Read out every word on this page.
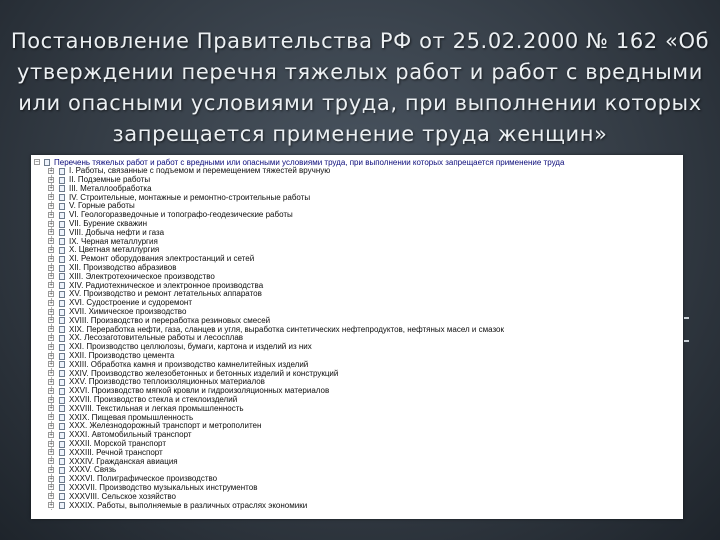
Постановление Правительства РФ от 25.02.2000 № 162 «Об утверждении перечня тяжелых работ и работ с вредными или опасными условиями труда, при выполнении которых запрещается применение труда женщин»
− Перечень тяжелых работ и работ с вредными или опасными условиями труда, при выполнении которых запрещается применение труда
+ I. Работы, связанные с подъемом и перемещением тяжестей вручную
+ II. Подземные работы
+ III. Металлообработка
+ IV. Строительные, монтажные и ремонтно-строительные работы
+ V. Горные работы
+ VI. Геологоразведочные и топографо-геодезические работы
+ VII. Бурение скважин
+ VIII. Добыча нефти и газа
+ IX. Черная металлургия
+ X. Цветная металлургия
+ XI. Ремонт оборудования электростанций и сетей
+ XII. Производство абразивов
+ XIII. Электротехническое производство
+ XIV. Радиотехническое и электронное производства
+ XV. Производство и ремонт летательных аппаратов
+ XVI. Судостроение и судоремонт
+ XVII. Химическое производство
+ XVIII. Производство и переработка резиновых смесей
+ XIX. Переработка нефти, газа, сланцев и угля, выработка синтетических нефтепродуктов, нефтяных масел и смазок
+ XX. Лесозаготовительные работы и лесосплав
+ XXI. Производство целлюлозы, бумаги, картона и изделий из них
+ XXII. Производство цемента
+ XXIII. Обработка камня и производство камнелитейных изделий
+ XXIV. Производство железобетонных и бетонных изделий и конструкций
+ XXV. Производство теплоизоляционных материалов
+ XXVI. Производство мягкой кровли и гидроизоляционных материалов
+ XXVII. Производство стекла и стеклоизделий
+ XXVIII. Текстильная и легкая промышленность
+ XXIX. Пищевая промышленность
+ XXX. Железнодорожный транспорт и метрополитен
+ XXXI. Автомобильный транспорт
+ XXXII. Морской транспорт
+ XXXIII. Речной транспорт
+ XXXIV. Гражданская авиация
+ XXXV. Связь
+ XXXVI. Полиграфическое производство
+ XXXVII. Производство музыкальных инструментов
+ XXXVIII. Сельское хозяйство
+ XXXIX. Работы, выполняемые в различных отраслях экономики
